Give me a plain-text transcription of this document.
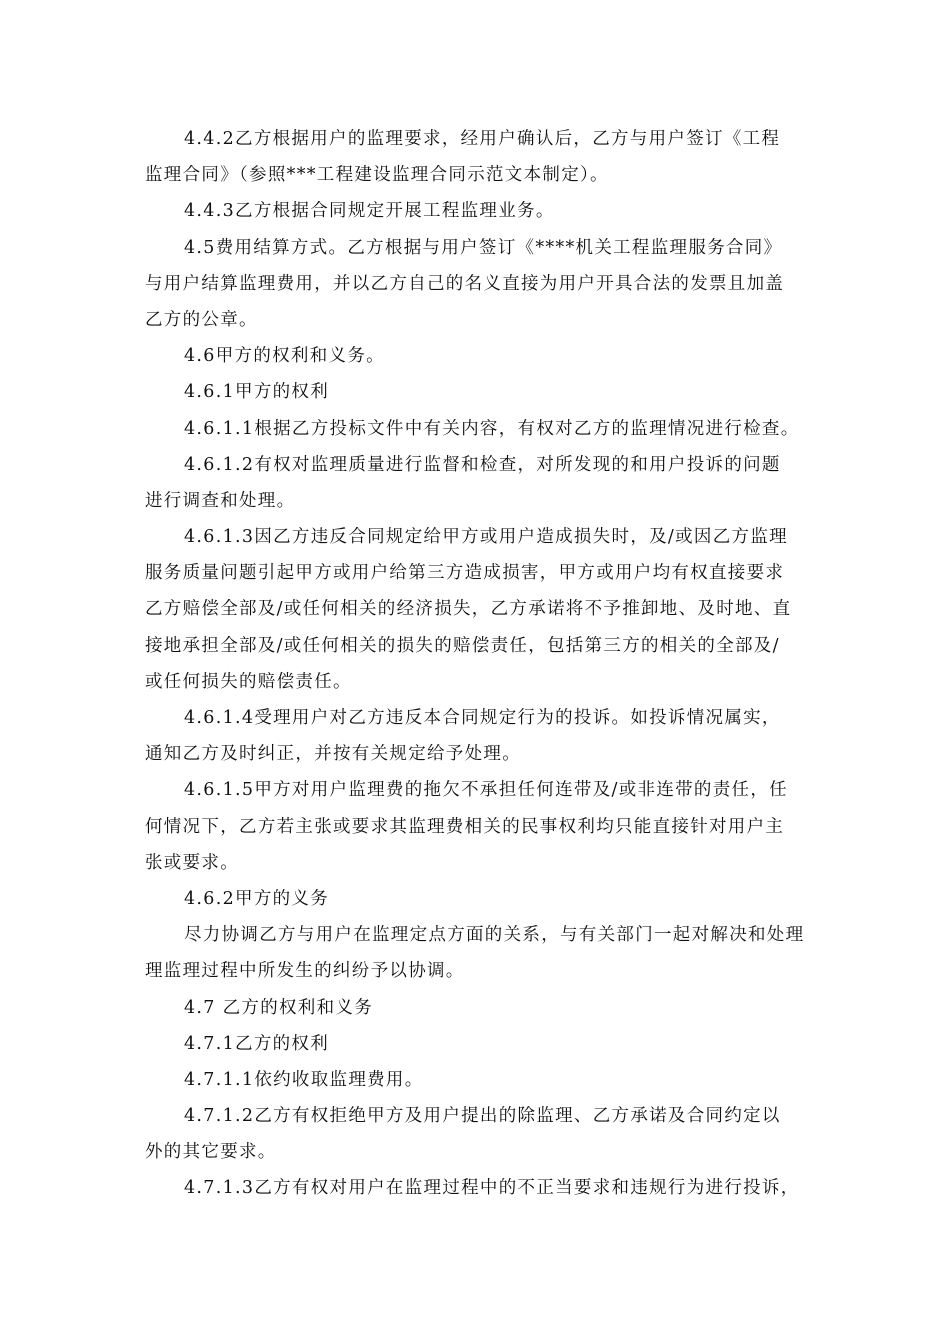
4.4.2乙方根据用户的监理要求，经用户确认后，乙方与用户签订《工程
监理合同》（参照***工程建设监理合同示范文本制定）。
4.4.3乙方根据合同规定开展工程监理业务。
4.5费用结算方式。乙方根据与用户签订《****机关工程监理服务合同》
与用户结算监理费用，并以乙方自己的名义直接为用户开具合法的发票且加盖
乙方的公章。
4.6甲方的权利和义务。
4.6.1甲方的权利
4.6.1.1根据乙方投标文件中有关内容，有权对乙方的监理情况进行检查。
4.6.1.2有权对监理质量进行监督和检查，对所发现的和用户投诉的问题
进行调查和处理。
4.6.1.3因乙方违反合同规定给甲方或用户造成损失时，及/或因乙方监理
服务质量问题引起甲方或用户给第三方造成损害，甲方或用户均有权直接要求
乙方赔偿全部及/或任何相关的经济损失，乙方承诺将不予推卸地、及时地、直
接地承担全部及/或任何相关的损失的赔偿责任，包括第三方的相关的全部及/
或任何损失的赔偿责任。
4.6.1.4受理用户对乙方违反本合同规定行为的投诉。如投诉情况属实，
通知乙方及时纠正，并按有关规定给予处理。
4.6.1.5甲方对用户监理费的拖欠不承担任何连带及/或非连带的责任，任
何情况下，乙方若主张或要求其监理费相关的民事权利均只能直接针对用户主
张或要求。
4.6.2甲方的义务
尽力协调乙方与用户在监理定点方面的关系，与有关部门一起对解决和处理
理监理过程中所发生的纠纷予以协调。
4.7 乙方的权利和义务
4.7.1乙方的权利
4.7.1.1依约收取监理费用。
4.7.1.2乙方有权拒绝甲方及用户提出的除监理、乙方承诺及合同约定以
外的其它要求。
4.7.1.3乙方有权对用户在监理过程中的不正当要求和违规行为进行投诉，
